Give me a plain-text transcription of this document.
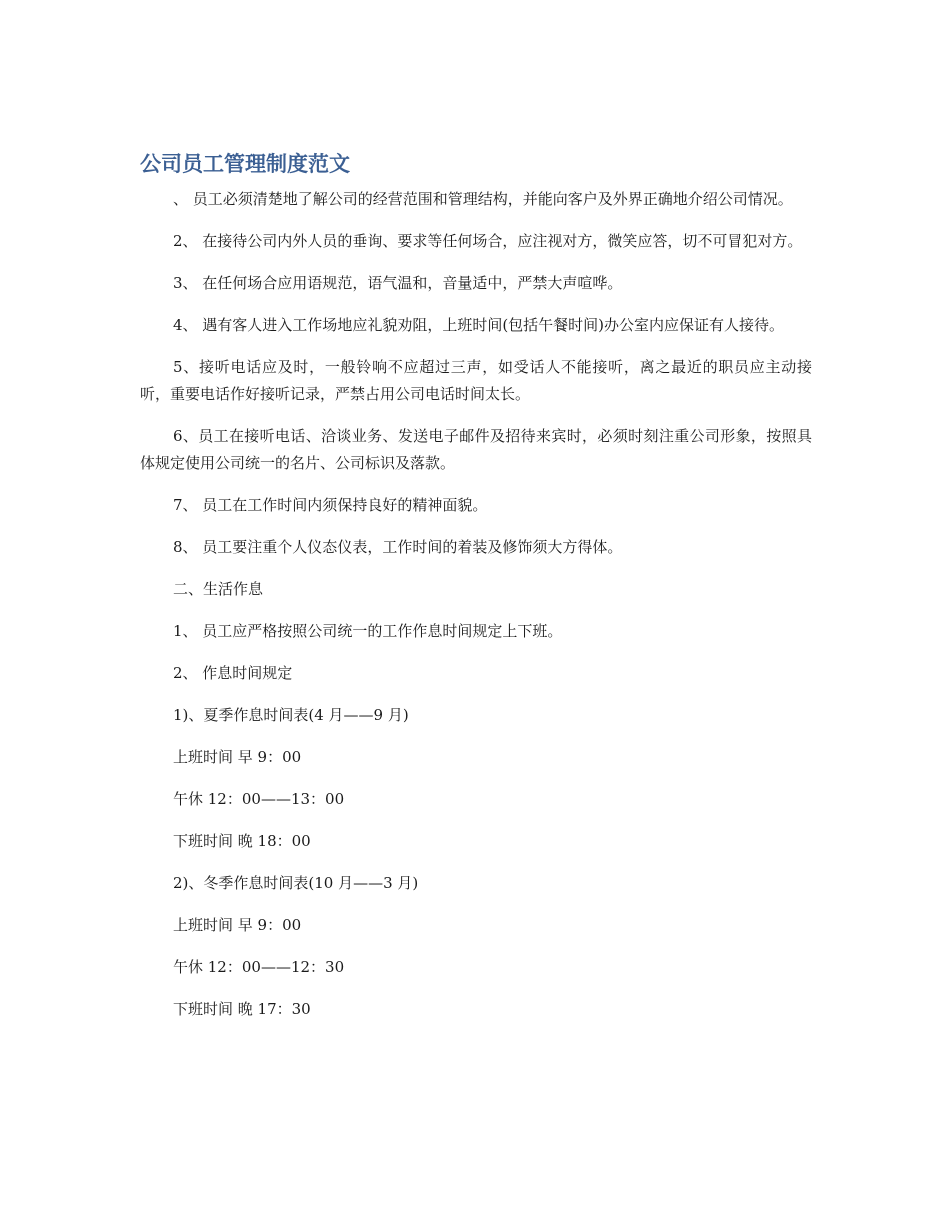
公司员工管理制度范文

、 员工必须清楚地了解公司的经营范围和管理结构，并能向客户及外界正确地介绍公司情况。

2、 在接待公司内外人员的垂询、要求等任何场合，应注视对方，微笑应答，切不可冒犯对方。

3、 在任何场合应用语规范，语气温和，音量适中，严禁大声喧哗。

4、 遇有客人进入工作场地应礼貌劝阻，上班时间(包括午餐时间)办公室内应保证有人接待。

5、接听电话应及时，一般铃响不应超过三声，如受话人不能接听，离之最近的职员应主动接听，重要电话作好接听记录，严禁占用公司电话时间太长。

6、员工在接听电话、洽谈业务、发送电子邮件及招待来宾时，必须时刻注重公司形象，按照具体规定使用公司统一的名片、公司标识及落款。

7、 员工在工作时间内须保持良好的精神面貌。

8、 员工要注重个人仪态仪表，工作时间的着装及修饰须大方得体。

二、生活作息

1、 员工应严格按照公司统一的工作作息时间规定上下班。

2、 作息时间规定

1)、夏季作息时间表(4 月——9 月)

上班时间 早 9：00

午休 12：00——13：00

下班时间 晚 18：00

2)、冬季作息时间表(10 月——3 月)

上班时间 早 9：00

午休 12：00——12：30

下班时间 晚 17：30
